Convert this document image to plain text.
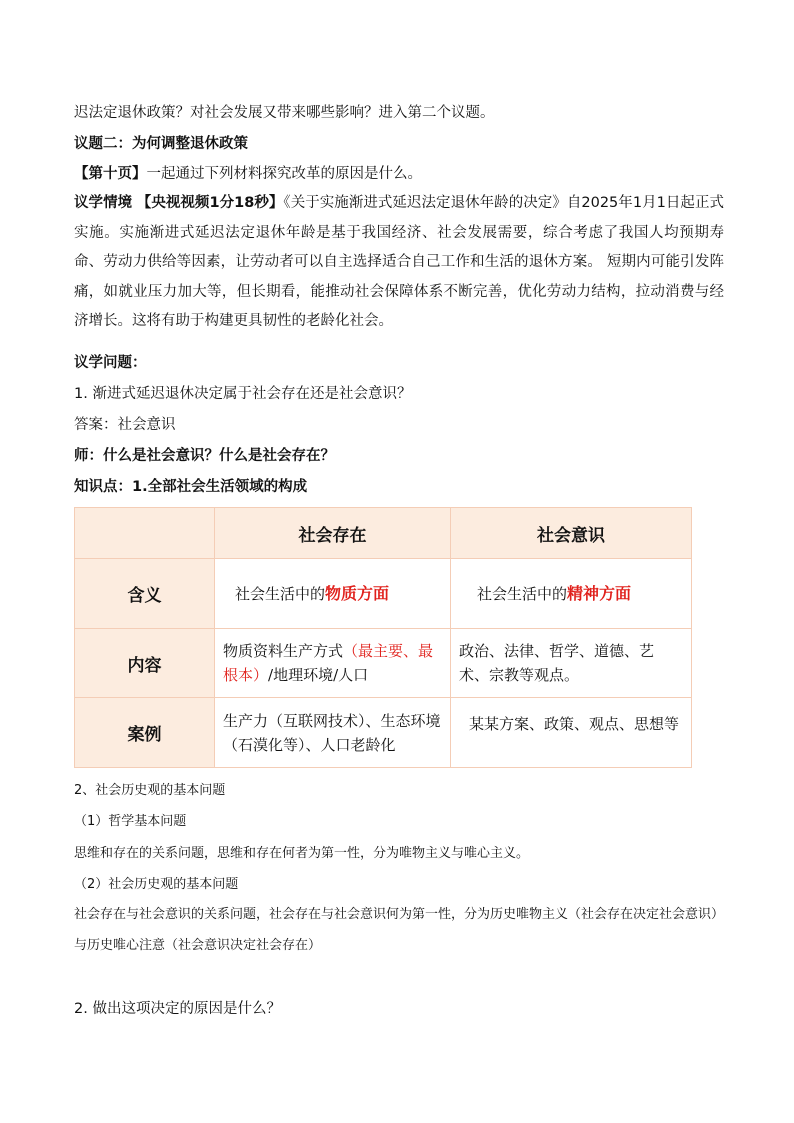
迟法定退休政策？对社会发展又带来哪些影响？进入第二个议题。
议题二：为何调整退休政策
【第十页】一起通过下列材料探究改革的原因是什么。
议学情境 【央视视频1分18秒】《关于实施渐进式延迟法定退休年龄的决定》自2025年1月1日起正式实施。实施渐进式延迟法定退休年龄是基于我国经济、社会发展需要，综合考虑了我国人均预期寿命、劳动力供给等因素，让劳动者可以自主选择适合自己工作和生活的退休方案。 短期内可能引发阵痛，如就业压力加大等，但长期看，能推动社会保障体系不断完善，优化劳动力结构，拉动消费与经济增长。这将有助于构建更具韧性的老龄化社会。
议学问题：
1. 渐进式延迟退休决定属于社会存在还是社会意识？
答案：社会意识
师：什么是社会意识？什么是社会存在？
知识点：1.全部社会生活领域的构成
	社会存在	社会意识
含义	社会生活中的物质方面	社会生活中的精神方面
内容	物质资料生产方式（最主要、最根本）/地理环境/人口	政治、法律、哲学、道德、艺术、宗教等观点。
案例	生产力（互联网技术）、生态环境（石漠化等）、人口老龄化	某某方案、政策、观点、思想等
2、社会历史观的基本问题
（1）哲学基本问题
思维和存在的关系问题，思维和存在何者为第一性，分为唯物主义与唯心主义。
（2）社会历史观的基本问题
社会存在与社会意识的关系问题，社会存在与社会意识何为第一性，分为历史唯物主义（社会存在决定社会意识）与历史唯心注意（社会意识决定社会存在）
2. 做出这项决定的原因是什么？
